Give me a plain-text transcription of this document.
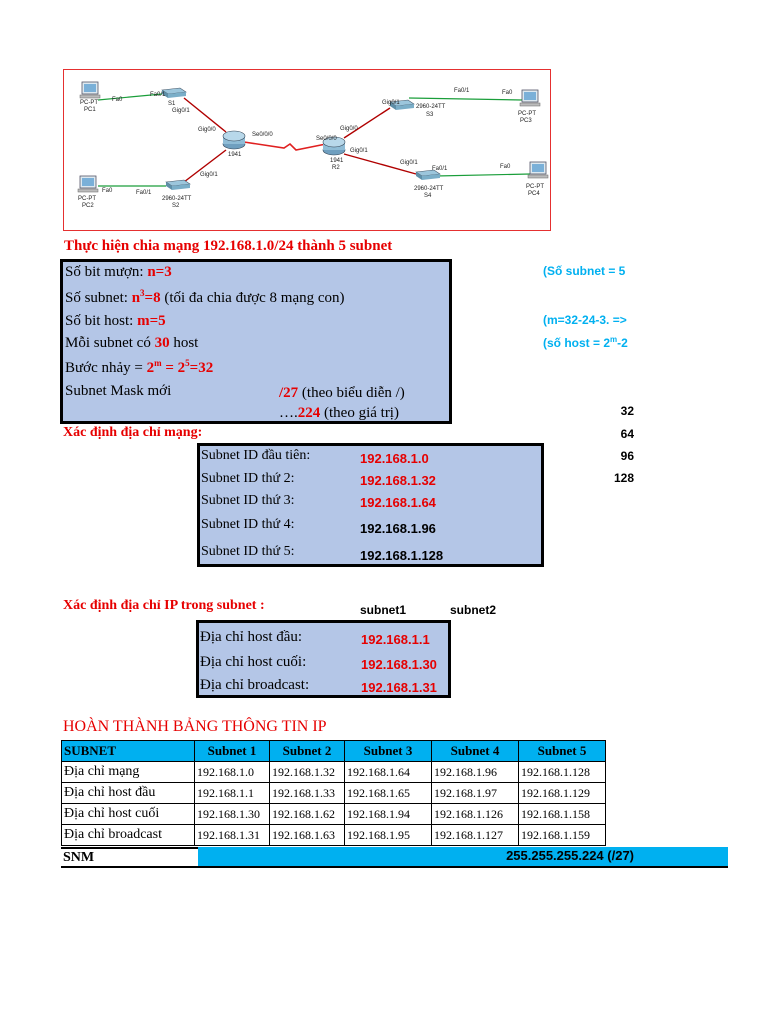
PC-PT
PC1
Fa0
Fa0/1
Gig0/1
S1
PC-PT
PC2
Fa0	Fa0/1
2960-24TT
S2
Gig0/1
Gig0/0
Se0/0/0
1941
Se0/0/0
Gig0/0
Gig0/1
1941
R2
Gig0/1
2960-24TT
S3
Fa0/1	Fa0
PC-PT
PC3
Gig0/1
2960-24TT
S4
Fa0/1	Fa0
PC-PT
PC4
Thực hiện chia mạng 192.168.1.0/24 thành 5 subnet
Số bit mượn: n=3
Số subnet: $n^3=8$ (tối đa chia được 8 mạng con)
Số bit host: m=5
Mỗi subnet có 30 host
Bước nhảy = $2^m = 2^5=32$
Subnet Mask mới	/27 (theo biểu diễn /)
….224 (theo giá trị)
(Số subnet = 5
(m=32-24-3. =>
(số host = $2^m-2$
32
64
96
128
Xác định địa chỉ mạng:
Subnet ID đầu tiên:	192.168.1.0
Subnet ID thứ 2:	192.168.1.32
Subnet ID thứ 3:	192.168.1.64
Subnet ID thứ 4:	192.168.1.96
Subnet ID thứ 5:	192.168.1.128
Xác định địa chỉ IP trong subnet :	subnet1	subnet2
Địa chỉ host đầu:	192.168.1.1
Địa chỉ host cuối:	192.168.1.30
Địa chỉ broadcast:	192.168.1.31
HOÀN THÀNH BẢNG THÔNG TIN IP
SUBNET	Subnet 1	Subnet 2	Subnet 3	Subnet 4	Subnet 5
Địa chỉ mạng	192.168.1.0	192.168.1.32	192.168.1.64	192.168.1.96	192.168.1.128
Địa chỉ host đầu	192.168.1.1	192.168.1.33	192.168.1.65	192.168.1.97	192.168.1.129
Địa chỉ host cuối	192.168.1.30	192.168.1.62	192.168.1.94	192.168.1.126	192.168.1.158
Địa chỉ broadcast	192.168.1.31	192.168.1.63	192.168.1.95	192.168.1.127	192.168.1.159
SNM	255.255.255.224 (/27)
